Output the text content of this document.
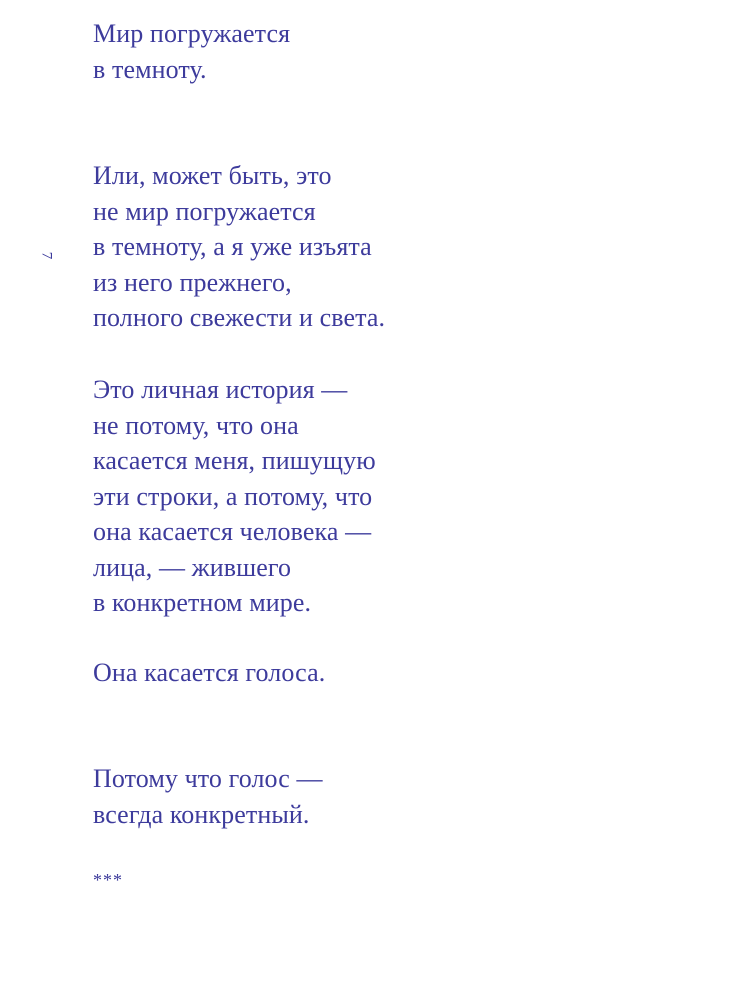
7

Мир погружается
в темноту.

Или, может быть, это
не мир погружается
в темноту, а я уже изъята
из него прежнего,
полного свежести и света.

Это личная история —
не потому, что она
касается меня, пишущую
эти строки, а потому, что
она касается человека —
лица, — жившего
в конкретном мире.

Она касается голоса.

Потому что голос —
всегда конкретный.

***
